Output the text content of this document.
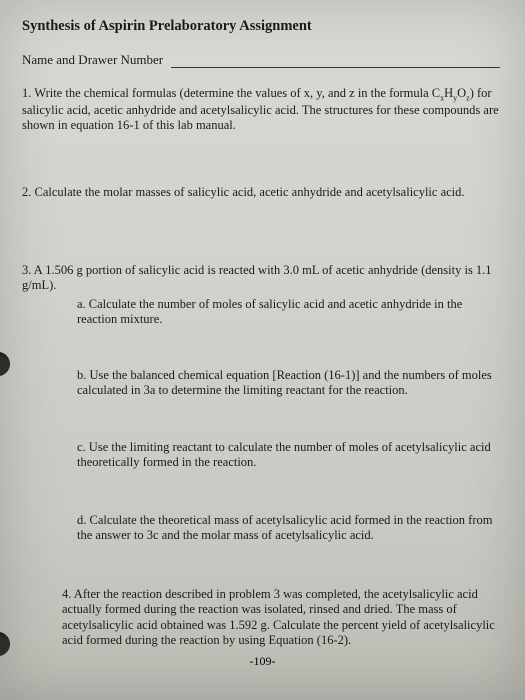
Synthesis of Aspirin Prelaboratory Assignment
Name and Drawer Number

1. Write the chemical formulas (determine the values of x, y, and z in the formula $C_xH_yO_z$) for salicylic acid, acetic anhydride and acetylsalicylic acid. The structures for these compounds are shown in equation 16-1 of this lab manual.

2. Calculate the molar masses of salicylic acid, acetic anhydride and acetylsalicylic acid.

3. A 1.506 g portion of salicylic acid is reacted with 3.0 mL of acetic anhydride (density is 1.1 g/mL).

a. Calculate the number of moles of salicylic acid and acetic anhydride in the reaction mixture.

b. Use the balanced chemical equation [Reaction (16-1)] and the numbers of moles calculated in 3a to determine the limiting reactant for the reaction.

c. Use the limiting reactant to calculate the number of moles of acetylsalicylic acid theoretically formed in the reaction.

d. Calculate the theoretical mass of acetylsalicylic acid formed in the reaction from the answer to 3c and the molar mass of acetylsalicylic acid.

4. After the reaction described in problem 3 was completed, the acetylsalicylic acid actually formed during the reaction was isolated, rinsed and dried. The mass of acetylsalicylic acid obtained was 1.592 g. Calculate the percent yield of acetylsalicylic acid formed during the reaction by using Equation (16-2).

-109-
